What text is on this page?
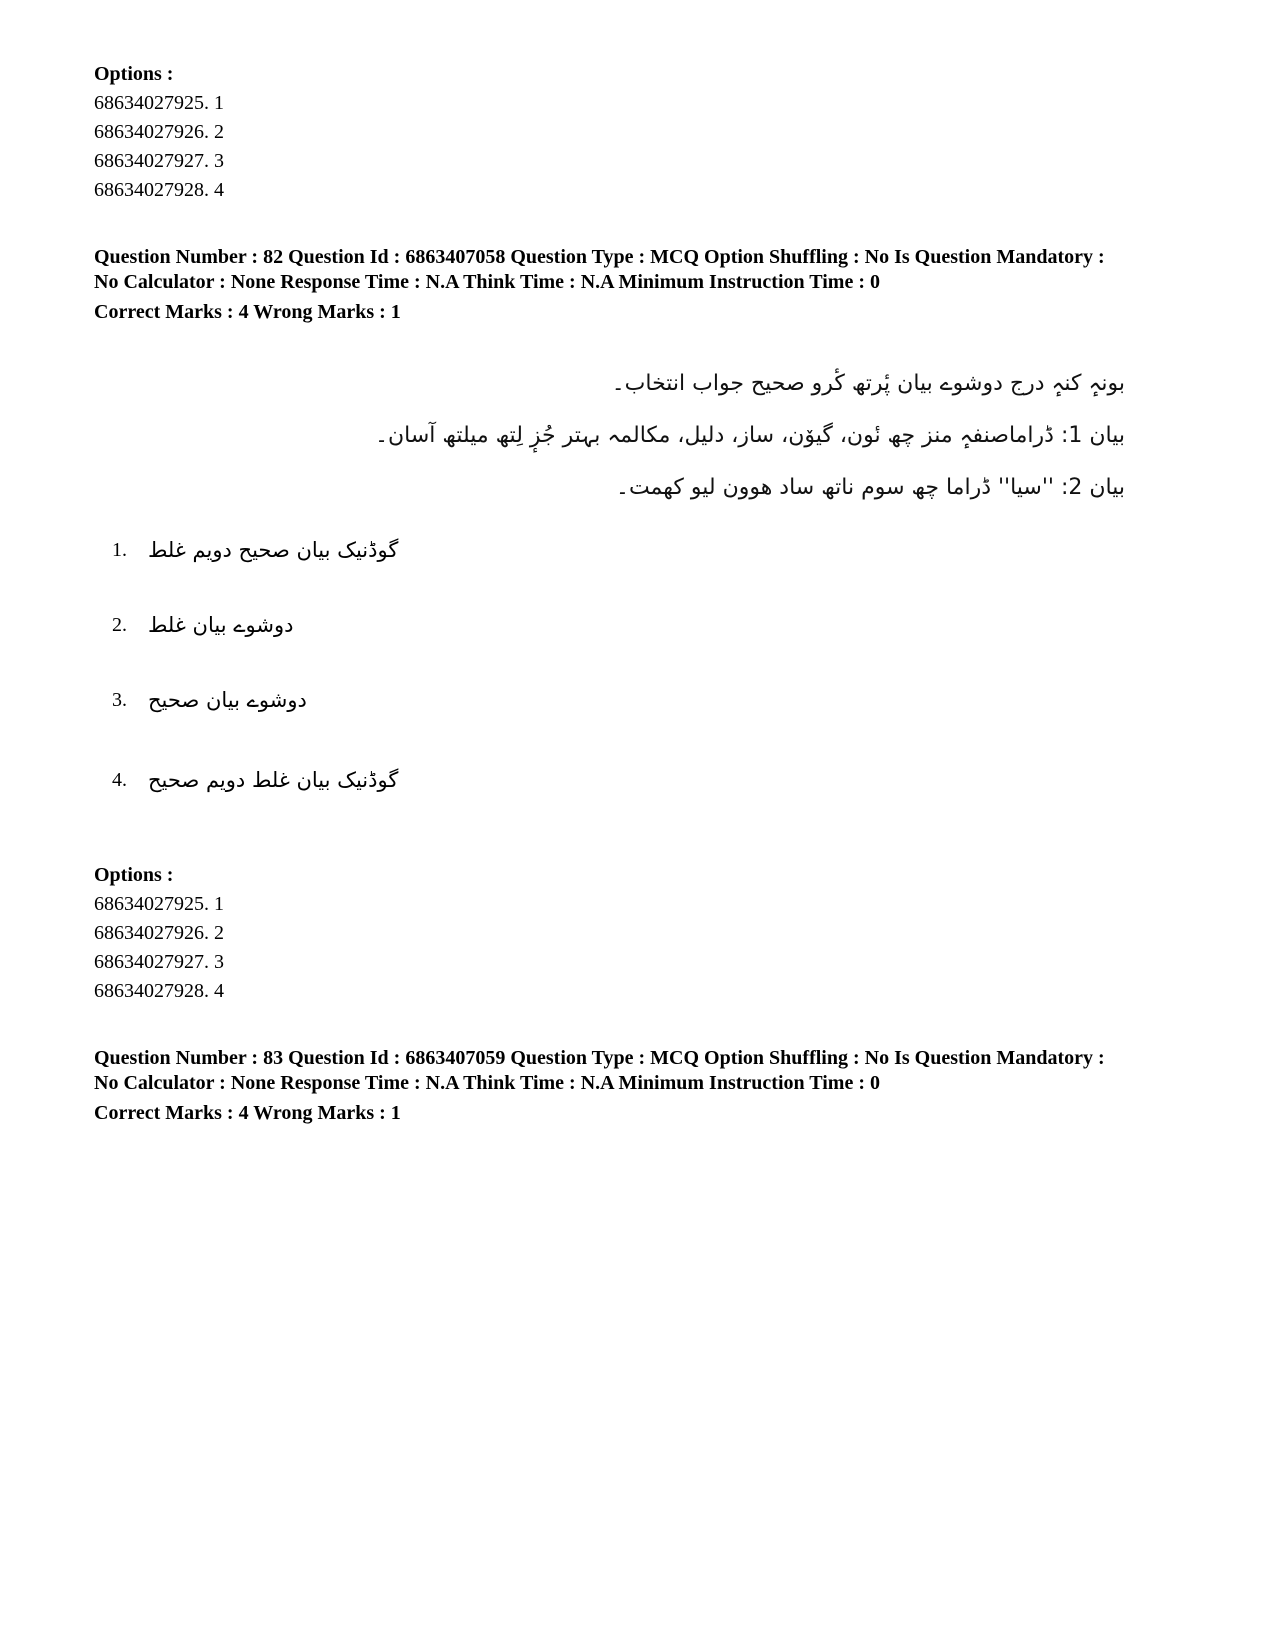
Options :
68634027925. 1
68634027926. 2
68634027927. 3
68634027928. 4
Question Number : 82 Question Id : 6863407058 Question Type : MCQ Option Shuffling : No Is Question Mandatory :
No Calculator : None Response Time : N.A Think Time : N.A Minimum Instruction Time : 0
Correct Marks : 4 Wrong Marks : 1
بونہٕ کنہٕ درج دوشوے بیان پٔرتھ کٔرو صحیح جواب انتخاب۔
بیان 1: ڈراماصنفہٕ منز چھ نٔون، گیوٚن، ساز، دلیل، مکالمہ بہتر جُزٕ لِتھ میلتھ آسان۔
بیان 2: ''سیا'' ڈراما چھ سوم ناتھ ساد ھوون لیو کھمت۔
1.	گوڈنیک بیان صحیح دویم غلط
2.	دوشوے بیان غلط
3.	دوشوے بیان صحیح
4.	گوڈنیک بیان غلط دویم صحیح
Options :
68634027925. 1
68634027926. 2
68634027927. 3
68634027928. 4
Question Number : 83 Question Id : 6863407059 Question Type : MCQ Option Shuffling : No Is Question Mandatory :
No Calculator : None Response Time : N.A Think Time : N.A Minimum Instruction Time : 0
Correct Marks : 4 Wrong Marks : 1
